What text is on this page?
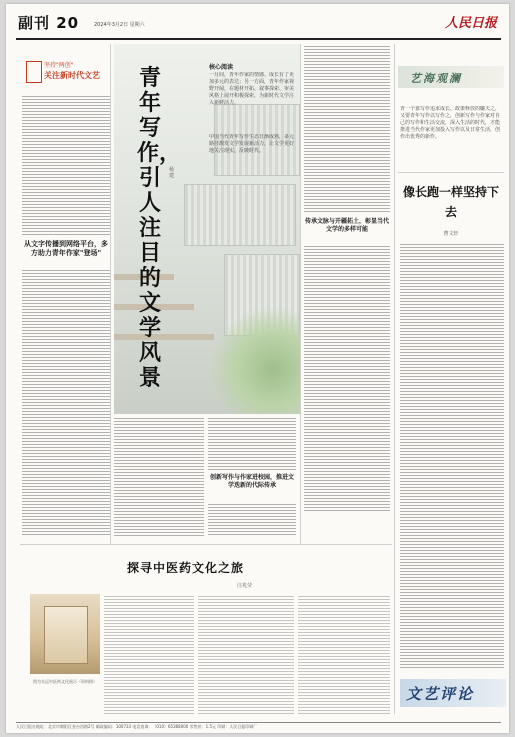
副刊 20	2024年3月2日 星期六	人民日报
坚持"两创"
关注新时代文艺
从文字传播到网络平台，多方助力青年作家"登场"
青年写作，引人注目的文学风景
杨建
核心阅读
一月间，青年作家的情感、成长有了更加多元的表达；另一方面，青年作家视野开阔，在题材开拓、叙事探索、审美风格上展开积极探索，为新时代文学注入新鲜活力。
中国当代青年写作生态日渐成熟，多元路径激发文学发展新活力，让文学更好地关注现实，反映时代。
创新写作与作家进校园，推进文学迭新的代际传承
传承文脉与开疆拓土，彰显当代文学的多样可能
艺海观澜
青一个靠写作追求成长、政策释放的镰夫之，又要青年写作以写作之，创新写作与作家对自己的写作和生活交流，深入生活的时代，才能推进当代作家更加投入写作以及日常生活，创作出优秀的新作。
像长跑一样坚持下去
曹文轩
探寻中医药文化之旅
汪兆莹
图为太远中医药文化展示（资料图）
文艺评论
人民日报社地址：北京市朝阳区金台西路2号 邮政编码：100733 电话查询：（010）65368000 零售价：1.5元 印刷：人民日报印刷厂
